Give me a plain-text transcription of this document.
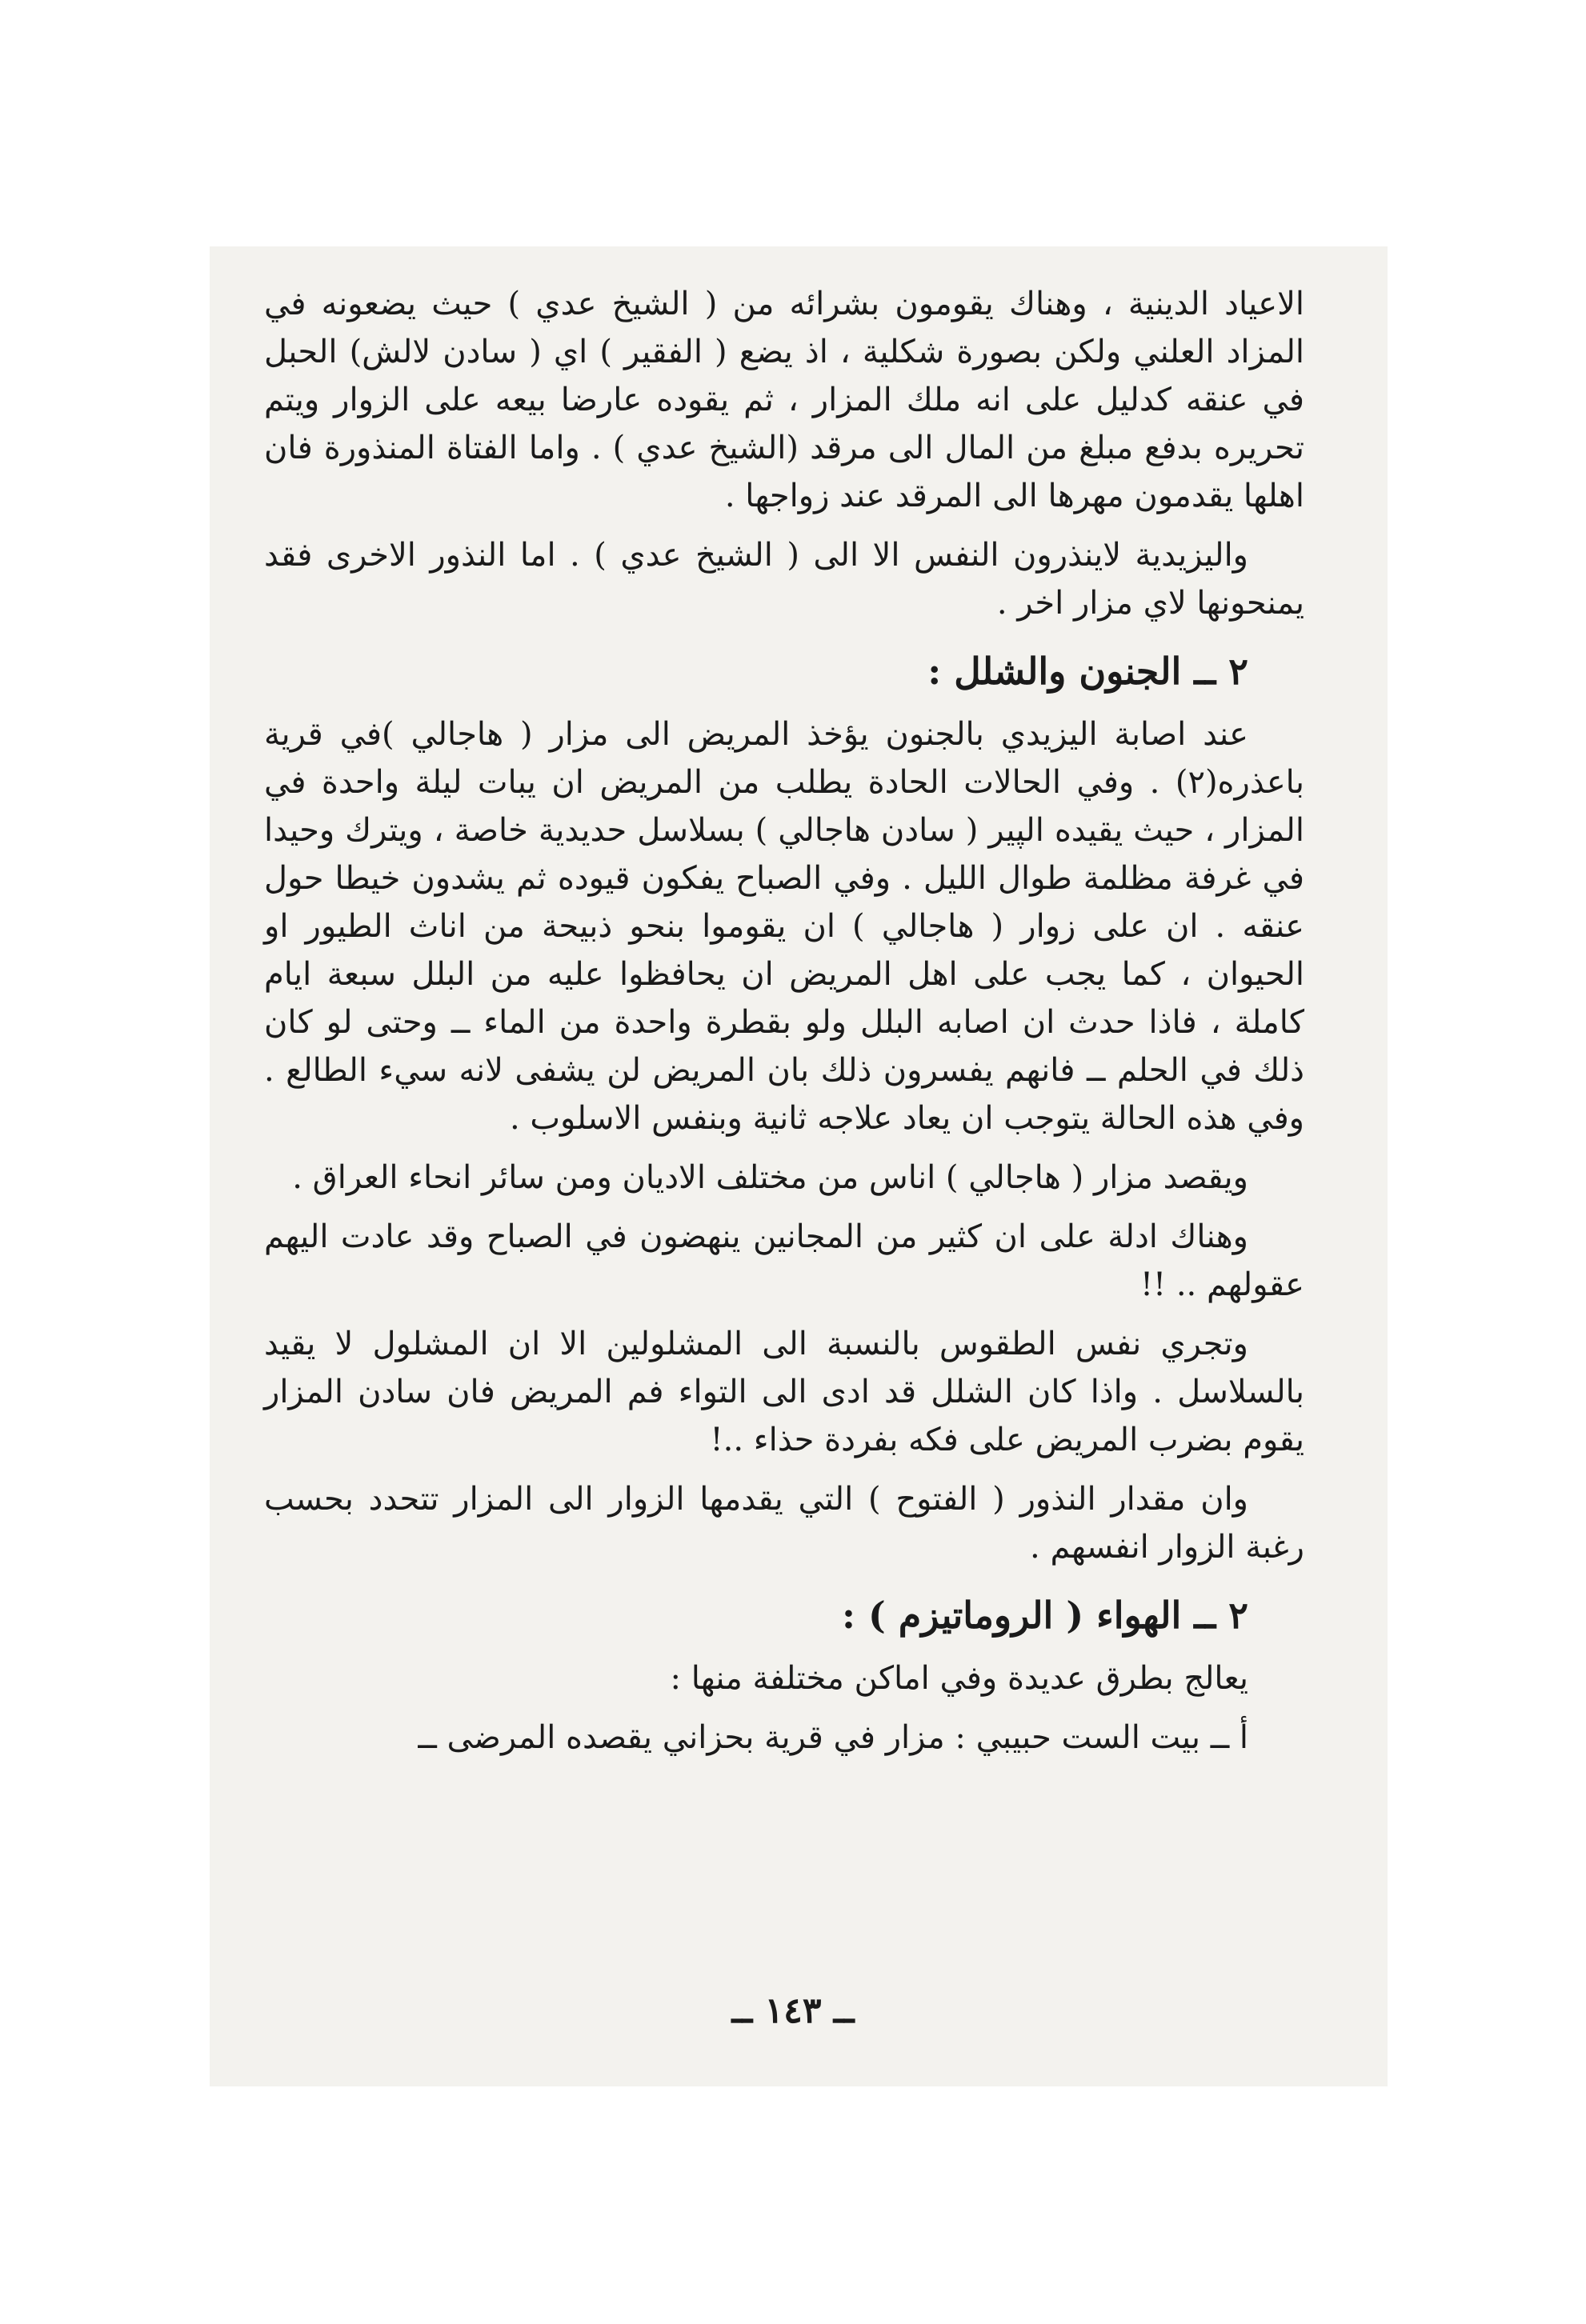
الاعياد الدينية ، وهناك يقومون بشرائه من ( الشيخ عدي ) حيث يضعونه في المزاد العلني ولكن بصورة شكلية ، اذ يضع ( الفقير ) اي ( سادن لالش) الحبل في عنقه كدليل على انه ملك المزار ، ثم يقوده عارضا بيعه على الزوار ويتم تحريره بدفع مبلغ من المال الى مرقد (الشيخ عدي ) . واما الفتاة المنذورة فان اهلها يقدمون مهرها الى المرقد عند زواجها .

واليزيدية لاينذرون النفس الا الى ( الشيخ عدي ) . اما النذور الاخرى فقد يمنحونها لاي مزار اخر .

٢ ــ الجنون والشلل :

عند اصابة اليزيدي بالجنون يؤخذ المريض الى مزار ( هاجالي )في قرية باعذره(٢) . وفي الحالات الحادة يطلب من المريض ان يبات ليلة واحدة في المزار ، حيث يقيده الپير ( سادن هاجالي ) بسلاسل حديدية خاصة ، ويترك وحيدا في غرفة مظلمة طوال الليل . وفي الصباح يفكون قيوده ثم يشدون خيطا حول عنقه . ان على زوار ( هاجالي ) ان يقوموا بنحو ذبيحة من اناث الطيور او الحيوان ، كما يجب على اهل المريض ان يحافظوا عليه من البلل سبعة ايام كاملة ، فاذا حدث ان اصابه البلل ولو بقطرة واحدة من الماء ــ وحتى لو كان ذلك في الحلم ــ فانهم يفسرون ذلك بان المريض لن يشفى لانه سيء الطالع . وفي هذه الحالة يتوجب ان يعاد علاجه ثانية وبنفس الاسلوب .

ويقصد مزار ( هاجالي ) اناس من مختلف الاديان ومن سائر انحاء العراق .

وهناك ادلة على ان كثير من المجانين ينهضون في الصباح وقد عادت اليهم عقولهم .. !!

وتجري نفس الطقوس بالنسبة الى المشلولين الا ان المشلول لا يقيد بالسلاسل . واذا كان الشلل قد ادى الى التواء فم المريض فان سادن المزار يقوم بضرب المريض على فكه بفردة حذاء ..!

وان مقدار النذور ( الفتوح ) التي يقدمها الزوار الى المزار تتحدد بحسب رغبة الزوار انفسهم .

٢ ــ الهواء ( الروماتيزم ) :

يعالج بطرق عديدة وفي اماكن مختلفة منها :

أ ــ بيت الست حبيبي : مزار في قرية بحزاني يقصده المرضى ــ

ــ ١٤٣ ــ
